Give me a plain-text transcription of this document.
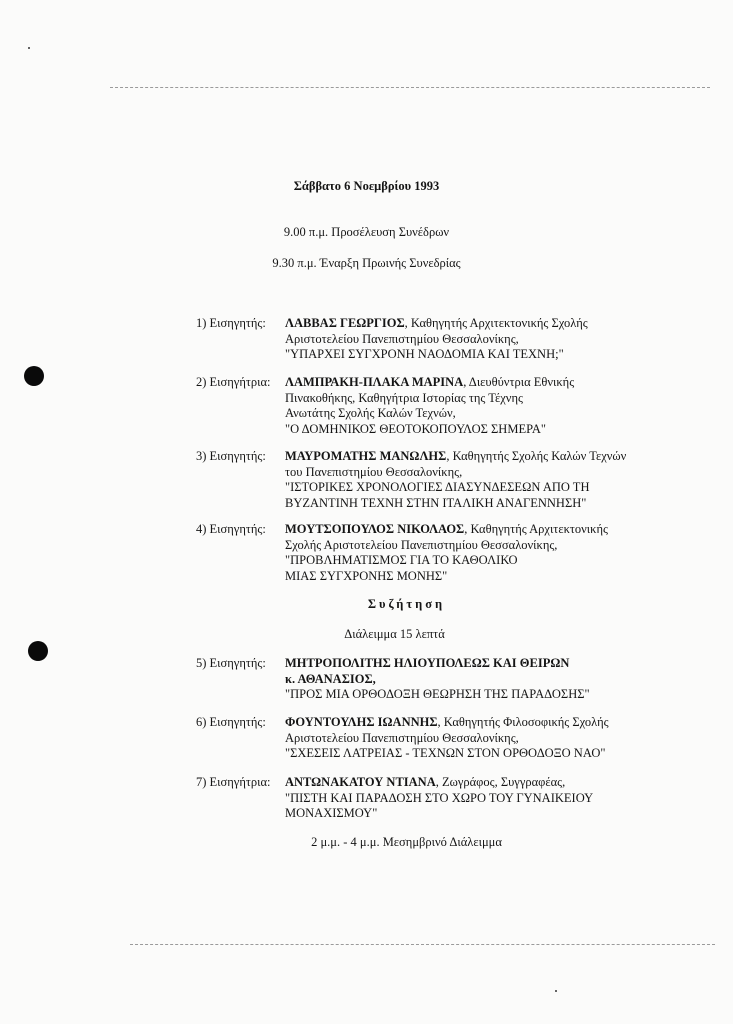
Σάββατο 6 Νοεμβρίου 1993
9.00 π.μ. Προσέλευση Συνέδρων
9.30 π.μ. Έναρξη Πρωινής Συνεδρίας
1) Εισηγητής: ΛΑΒΒΑΣ ΓΕΩΡΓΙΟΣ, Καθηγητής Αρχιτεκτονικής Σχολής
Αριστοτελείου Πανεπιστημίου Θεσσαλονίκης,
"ΥΠΑΡΧΕΙ ΣΥΓΧΡΟΝΗ ΝΑΟΔΟΜΙΑ ΚΑΙ ΤΕΧΝΗ;"
2) Εισηγήτρια: ΛΑΜΠΡΑΚΗ-ΠΛΑΚΑ ΜΑΡΙΝΑ, Διευθύντρια Εθνικής
Πινακοθήκης, Καθηγήτρια Ιστορίας της Τέχνης
Ανωτάτης Σχολής Καλών Τεχνών,
"Ο ΔΟΜΗΝΙΚΟΣ ΘΕΟΤΟΚΟΠΟΥΛΟΣ ΣΗΜΕΡΑ"
3) Εισηγητής: ΜΑΥΡΟΜΑΤΗΣ ΜΑΝΩΛΗΣ, Καθηγητής Σχολής Καλών Τεχνών
του Πανεπιστημίου Θεσσαλονίκης,
"ΙΣΤΟΡΙΚΕΣ ΧΡΟΝΟΛΟΓΙΕΣ ΔΙΑΣΥΝΔΕΣΕΩΝ ΑΠΟ ΤΗ
ΒΥΖΑΝΤΙΝΗ ΤΕΧΝΗ ΣΤΗΝ ΙΤΑΛΙΚΗ ΑΝΑΓΕΝΝΗΣΗ"
4) Εισηγητής: ΜΟΥΤΣΟΠΟΥΛΟΣ ΝΙΚΟΛΑΟΣ, Καθηγητής Αρχιτεκτονικής
Σχολής Αριστοτελείου Πανεπιστημίου Θεσσαλονίκης,
"ΠΡΟΒΛΗΜΑΤΙΣΜΟΣ ΓΙΑ ΤΟ ΚΑΘΟΛΙΚΟ
ΜΙΑΣ ΣΥΓΧΡΟΝΗΣ ΜΟΝΗΣ"
Συζήτηση
Διάλειμμα 15 λεπτά
5) Εισηγητής: ΜΗΤΡΟΠΟΛΙΤΗΣ ΗΛΙΟΥΠΟΛΕΩΣ ΚΑΙ ΘΕΙΡΩΝ
κ. ΑΘΑΝΑΣΙΟΣ,
"ΠΡΟΣ ΜΙΑ ΟΡΘΟΔΟΞΗ ΘΕΩΡΗΣΗ ΤΗΣ ΠΑΡΑΔΟΣΗΣ"
6) Εισηγητής: ΦΟΥΝΤΟΥΛΗΣ ΙΩΑΝΝΗΣ, Καθηγητής Φιλοσοφικής Σχολής
Αριστοτελείου Πανεπιστημίου Θεσσαλονίκης,
"ΣΧΕΣΕΙΣ ΛΑΤΡΕΙΑΣ - ΤΕΧΝΩΝ ΣΤΟΝ ΟΡΘΟΔΟΞΟ ΝΑΟ"
7) Εισηγήτρια: ΑΝΤΩΝΑΚΑΤΟΥ ΝΤΙΑΝΑ, Ζωγράφος, Συγγραφέας,
"ΠΙΣΤΗ ΚΑΙ ΠΑΡΑΔΟΣΗ ΣΤΟ ΧΩΡΟ ΤΟΥ ΓΥΝΑΙΚΕΙΟΥ
ΜΟΝΑΧΙΣΜΟΥ"
2 μ.μ. - 4 μ.μ. Μεσημβρινό Διάλειμμα
